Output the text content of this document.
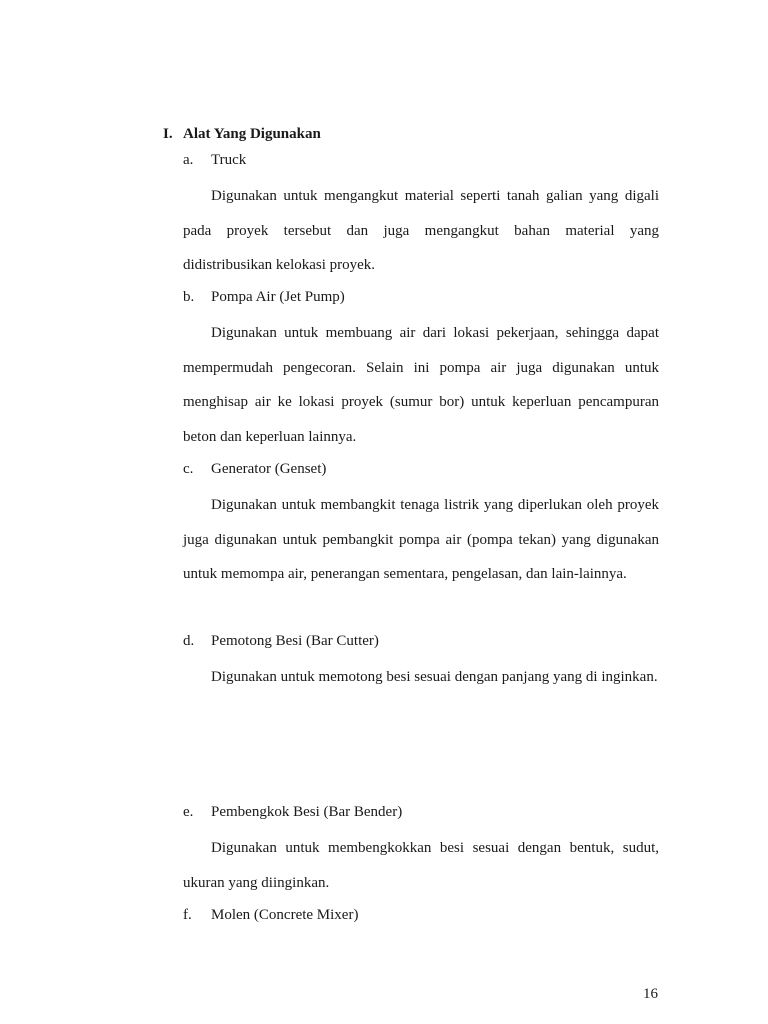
I. Alat Yang Digunakan
a. Truck

Digunakan untuk mengangkut material seperti tanah galian yang digali pada proyek tersebut dan juga mengangkut bahan material yang didistribusikan kelokasi proyek.

b. Pompa Air (Jet Pump)

Digunakan untuk membuang air dari lokasi pekerjaan, sehingga dapat mempermudah pengecoran. Selain ini pompa air juga digunakan untuk menghisap air ke lokasi proyek (sumur bor) untuk keperluan pencampuran beton dan keperluan lainnya.

c. Generator (Genset)

Digunakan untuk membangkit tenaga listrik yang diperlukan oleh proyek juga digunakan untuk pembangkit pompa air (pompa tekan) yang digunakan untuk memompa air, penerangan sementara, pengelasan, dan lain-lainnya.

d. Pemotong Besi (Bar Cutter)

Digunakan untuk memotong besi sesuai dengan panjang yang di inginkan.

e. Pembengkok Besi (Bar Bender)

Digunakan untuk membengkokkan besi sesuai dengan bentuk, sudut, ukuran yang diinginkan.

f. Molen (Concrete Mixer)
16
